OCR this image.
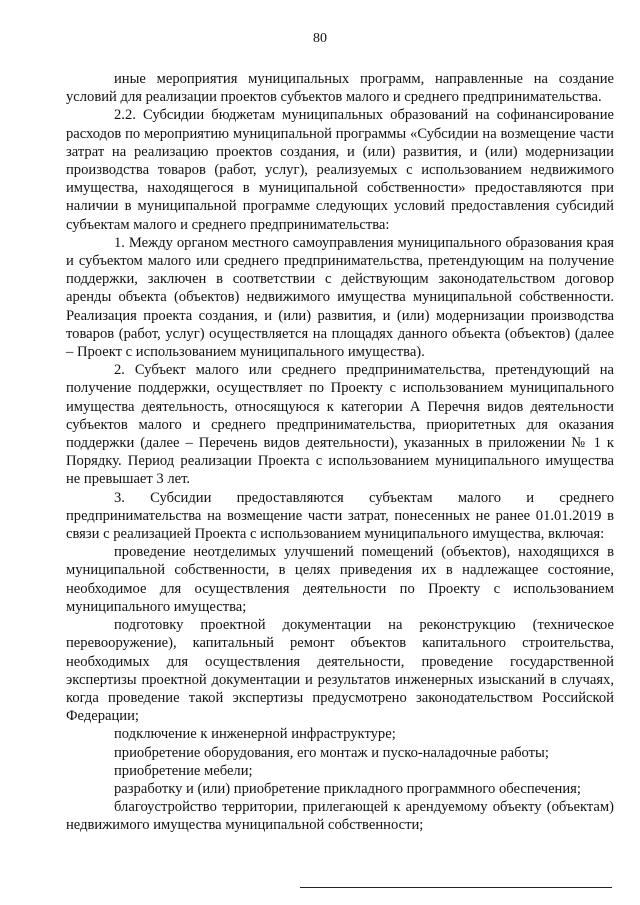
80

иные мероприятия муниципальных программ, направленные на создание условий для реализации проектов субъектов малого и среднего предпринимательства.

2.2. Субсидии бюджетам муниципальных образований на софинансирование расходов по мероприятию муниципальной программы «Субсидии на возмещение части затрат на реализацию проектов создания, и (или) развития, и (или) модернизации производства товаров (работ, услуг), реализуемых с использованием недвижимого имущества, находящегося в муниципальной собственности» предоставляются при наличии в муниципальной программе следующих условий предоставления субсидий субъектам малого и среднего предпринимательства:

1. Между органом местного самоуправления муниципального образования края и субъектом малого или среднего предпринимательства, претендующим на получение поддержки, заключен в соответствии с действующим законодательством договор аренды объекта (объектов) недвижимого имущества муниципальной собственности. Реализация проекта создания, и (или) развития, и (или) модернизации производства товаров (работ, услуг) осуществляется на площадях данного объекта (объектов) (далее – Проект с использованием муниципального имущества).

2. Субъект малого или среднего предпринимательства, претендующий на получение поддержки, осуществляет по Проекту с использованием муниципального имущества деятельность, относящуюся к категории А Перечня видов деятельности субъектов малого и среднего предпринимательства, приоритетных для оказания поддержки (далее – Перечень видов деятельности), указанных в приложении № 1 к Порядку. Период реализации Проекта с использованием муниципального имущества не превышает 3 лет.

3. Субсидии предоставляются субъектам малого и среднего предпринимательства на возмещение части затрат, понесенных не ранее 01.01.2019 в связи с реализацией Проекта с использованием муниципального имущества, включая:

проведение неотделимых улучшений помещений (объектов), находящихся в муниципальной собственности, в целях приведения их в надлежащее состояние, необходимое для осуществления деятельности по Проекту с использованием муниципального имущества;

подготовку проектной документации на реконструкцию (техническое перевооружение), капитальный ремонт объектов капитального строительства, необходимых для осуществления деятельности, проведение государственной экспертизы проектной документации и результатов инженерных изысканий в случаях, когда проведение такой экспертизы предусмотрено законодательством Российской Федерации;

подключение к инженерной инфраструктуре;

приобретение оборудования, его монтаж и пуско-наладочные работы;

приобретение мебели;

разработку и (или) приобретение прикладного программного обеспечения;

благоустройство территории, прилегающей к арендуемому объекту (объектам) недвижимого имущества муниципальной собственности;
